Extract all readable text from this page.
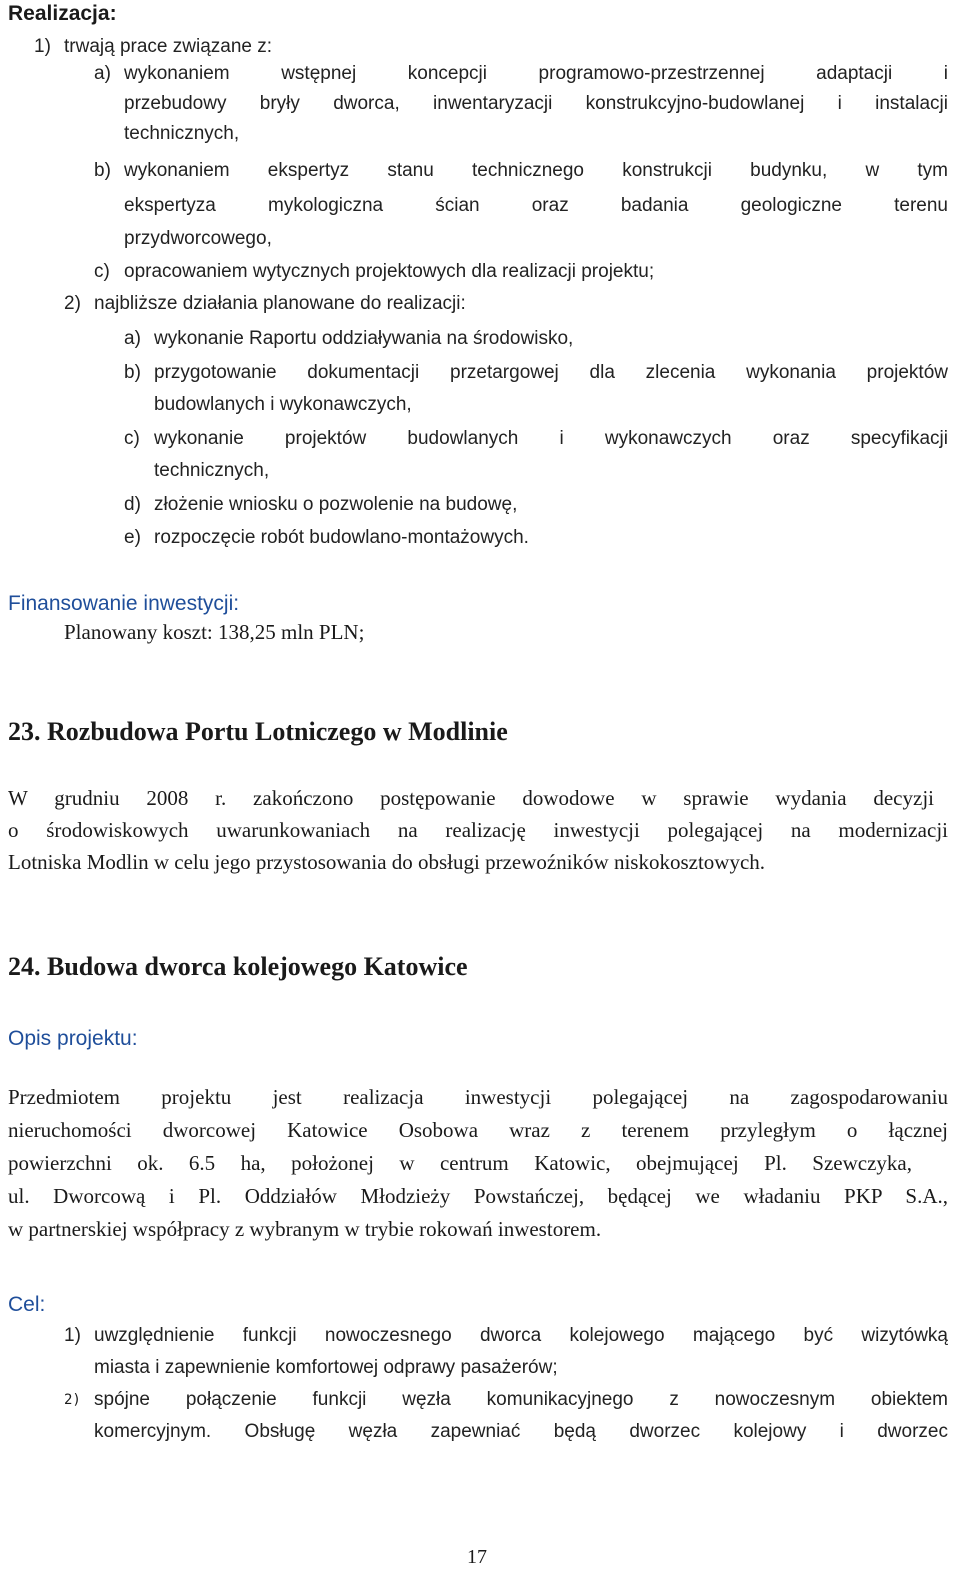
Realizacja:
1) trwają prace związane z:
a) wykonaniem wstępnej koncepcji programowo-przestrzennej adaptacji i
przebudowy bryły dworca, inwentaryzacji konstrukcyjno-budowlanej i instalacji
technicznych,
b) wykonaniem ekspertyz stanu technicznego konstrukcji budynku, w tym
ekspertyza mykologiczna ścian oraz badania geologiczne terenu
przydworcowego,
c) opracowaniem wytycznych projektowych dla realizacji projektu;
2) najbliższe działania planowane do realizacji:
a) wykonanie Raportu oddziaływania na środowisko,
b) przygotowanie dokumentacji przetargowej dla zlecenia wykonania projektów
budowlanych i wykonawczych,
c) wykonanie projektów budowlanych i wykonawczych oraz specyfikacji
technicznych,
d) złożenie wniosku o pozwolenie na budowę,
e) rozpoczęcie robót budowlano-montażowych.
Finansowanie inwestycji:
Planowany koszt: 138,25 mln PLN;
23. Rozbudowa Portu Lotniczego w Modlinie
W grudniu 2008 r. zakończono postępowanie dowodowe w sprawie wydania decyzji
o środowiskowych uwarunkowaniach na realizację inwestycji polegającej na modernizacji
Lotniska Modlin w celu jego przystosowania do obsługi przewoźników niskokosztowych.
24. Budowa dworca kolejowego Katowice
Opis projektu:
Przedmiotem projektu jest realizacja inwestycji polegającej na zagospodarowaniu
nieruchomości dworcowej Katowice Osobowa wraz z terenem przyległym o łącznej
powierzchni ok. 6.5 ha, położonej w centrum Katowic, obejmującej Pl. Szewczyka,
ul. Dworcową i Pl. Oddziałów Młodzieży Powstańczej, będącej we władaniu PKP S.A.,
w partnerskiej współpracy z wybranym w trybie rokowań inwestorem.
Cel:
1) uwzględnienie funkcji nowoczesnego dworca kolejowego mającego być wizytówką
miasta i zapewnienie komfortowej odprawy pasażerów;
2) spójne połączenie funkcji węzła komunikacyjnego z nowoczesnym obiektem
komercyjnym. Obsługę węzła zapewniać będą dworzec kolejowy i dworzec
17
